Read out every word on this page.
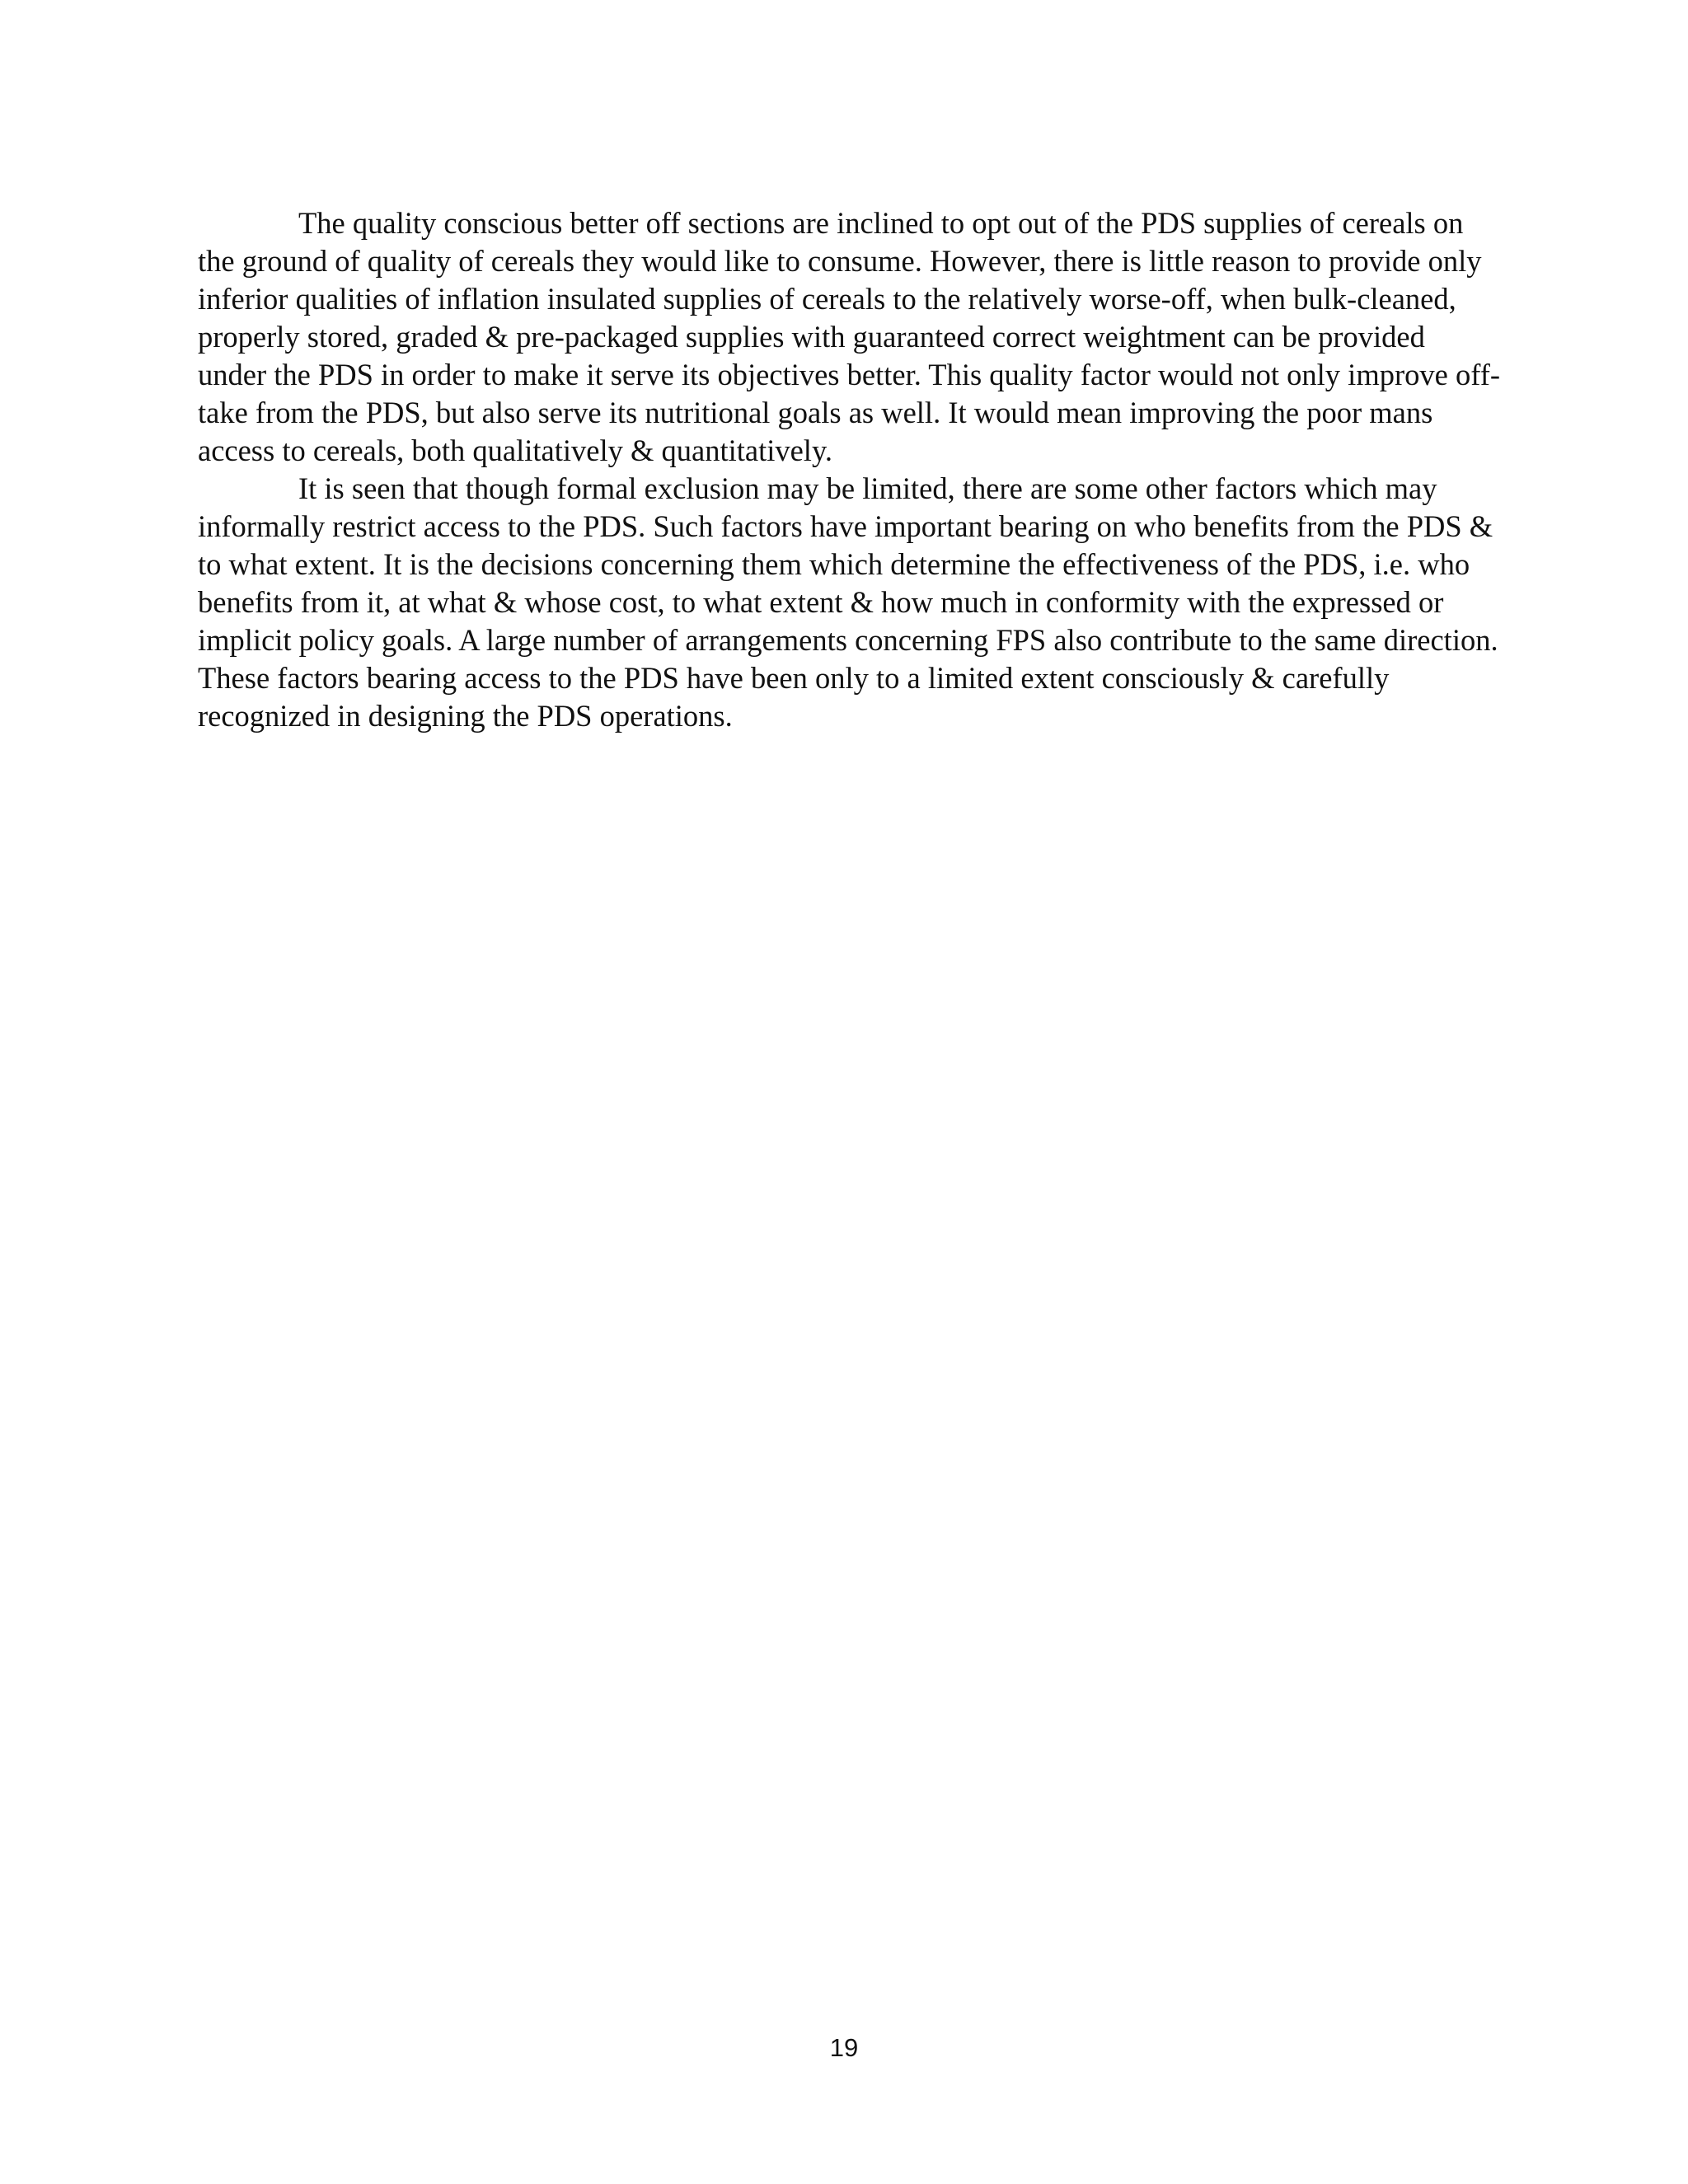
The quality conscious better off sections are inclined to opt out of the PDS supplies of cereals on the ground of quality of cereals they would like to consume. However, there is little reason to provide only inferior qualities of inflation insulated supplies of cereals to the relatively worse-off, when bulk-cleaned, properly stored, graded & pre-packaged supplies with guaranteed correct weightment can be provided under the PDS in order to make it serve its objectives better. This quality factor would not only improve off-take from the PDS, but also serve its nutritional goals as well. It would mean improving the poor mans access to cereals, both qualitatively & quantitatively.

It is seen that though formal exclusion may be limited, there are some other factors which may informally restrict access to the PDS. Such factors have important bearing on who benefits from the PDS & to what extent. It is the decisions concerning them which determine the effectiveness of the PDS, i.e. who benefits from it, at what & whose cost, to what extent & how much in conformity with the expressed or implicit policy goals. A large number of arrangements concerning FPS also contribute to the same direction. These factors bearing access to the PDS have been only to a limited extent consciously & carefully recognized in designing the PDS operations.

19
